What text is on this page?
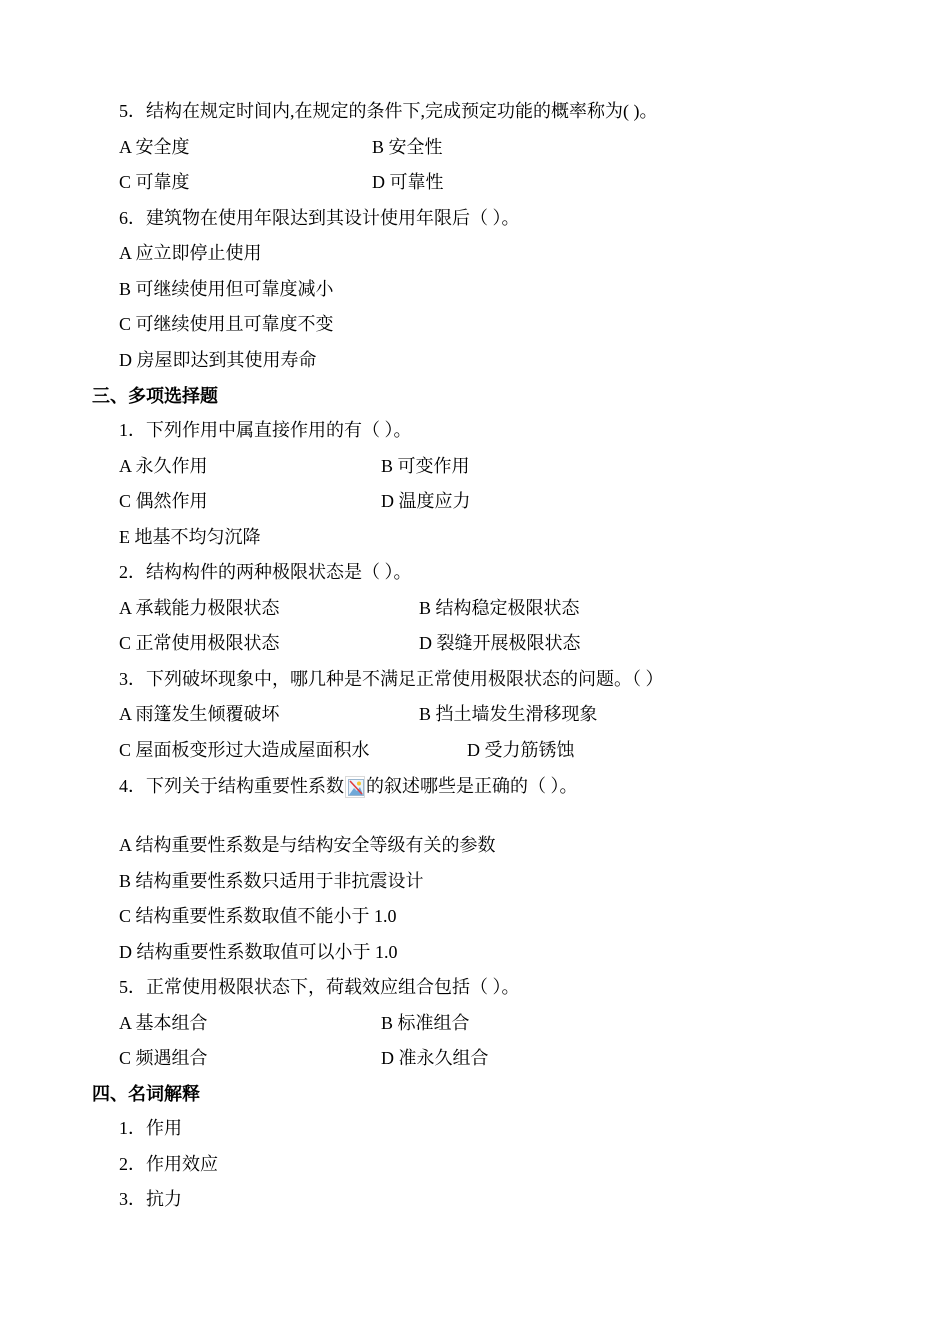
5．结构在规定时间内,在规定的条件下,完成预定功能的概率称为( )。
A 安全度	B 安全性
C 可靠度	D 可靠性
6．建筑物在使用年限达到其设计使用年限后（ ）。
A 应立即停止使用
B 可继续使用但可靠度减小
C 可继续使用且可靠度不变
D 房屋即达到其使用寿命
三、多项选择题
1．下列作用中属直接作用的有（ ）。
A 永久作用	B 可变作用
C 偶然作用	D 温度应力
E 地基不均匀沉降
2．结构构件的两种极限状态是（ ）。
A 承载能力极限状态	B 结构稳定极限状态
C 正常使用极限状态	D 裂缝开展极限状态
3．下列破坏现象中，哪几种是不满足正常使用极限状态的问题。（ ）
A 雨篷发生倾覆破坏	B 挡土墙发生滑移现象
C 屋面板变形过大造成屋面积水	D 受力筋锈蚀
4．下列关于结构重要性系数 的叙述哪些是正确的（ ）。
A 结构重要性系数是与结构安全等级有关的参数
B 结构重要性系数只适用于非抗震设计
C 结构重要性系数取值不能小于 1.0
D 结构重要性系数取值可以小于 1.0
5．正常使用极限状态下，荷载效应组合包括（ ）。
A 基本组合	B 标准组合
C 频遇组合	D 准永久组合
四、名词解释
1．作用
2．作用效应
3．抗力
